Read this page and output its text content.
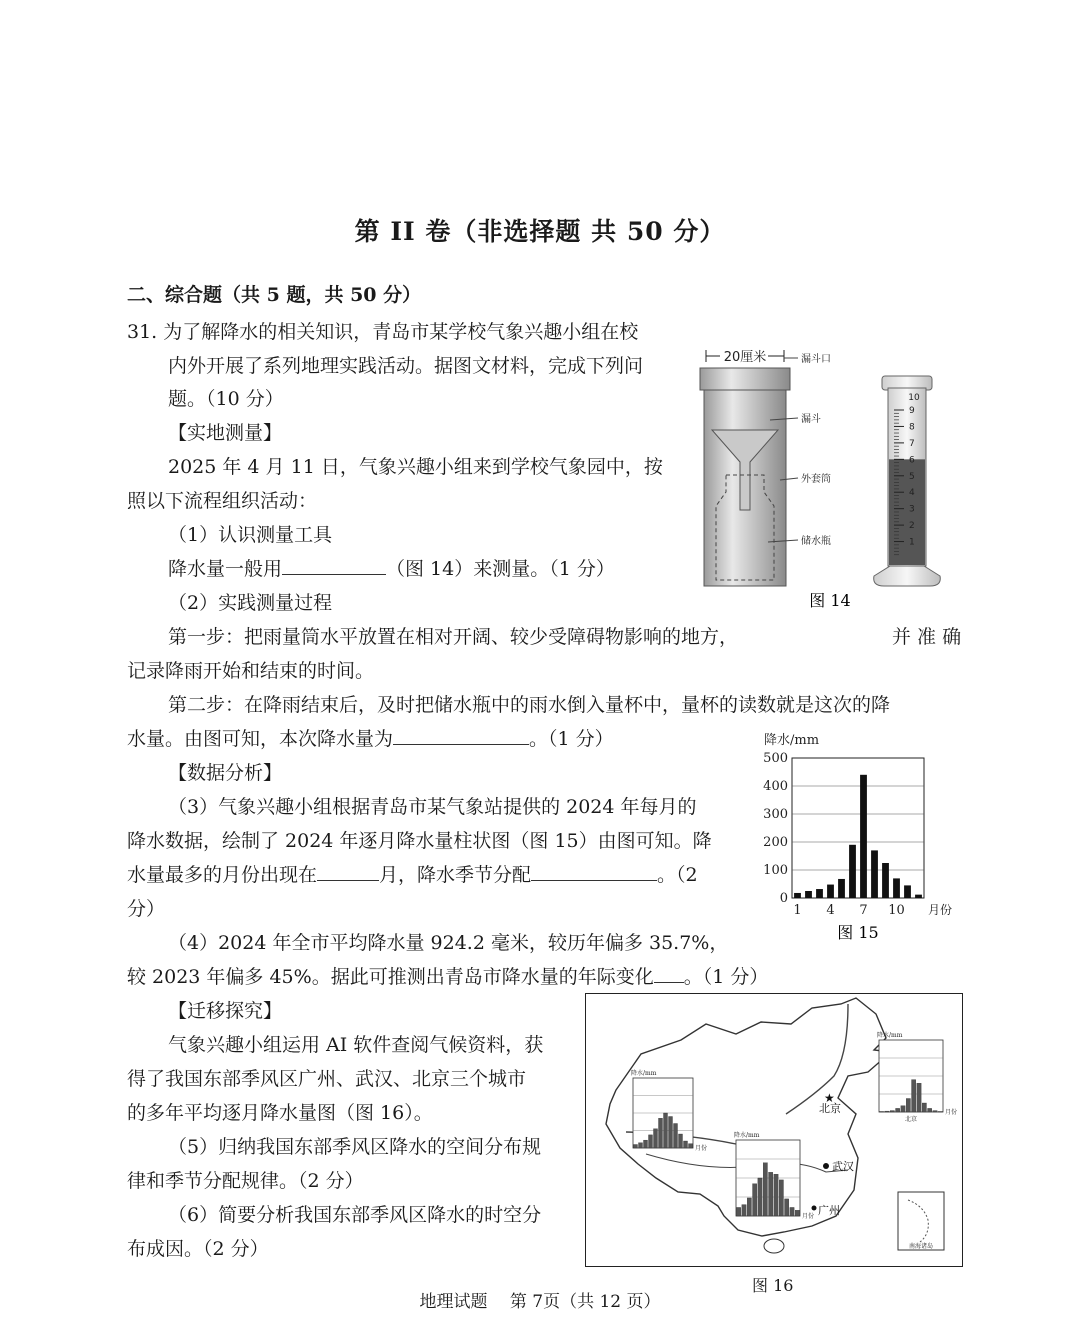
第 II 卷（非选择题 共 50 分）
二、综合题（共 5 题，共 50 分）
31. 为了解降水的相关知识，青岛市某学校气象兴趣小组在校
内外开展了系列地理实践活动。据图文材料，完成下列问
题。（10 分）
【实地测量】
2025 年 4 月 11 日，气象兴趣小组来到学校气象园中，按
照以下流程组织活动：
（1）认识测量工具
降水量一般用	（图 14）来测量。（1 分）
（2）实践测量过程
第一步：把雨量筒水平放置在相对开阔、较少受障碍物影响的地方，	并 准 确
记录降雨开始和结束的时间。
第二步：在降雨结束后，及时把储水瓶中的雨水倒入量杯中，量杯的读数就是这次的降
水量。由图可知，本次降水量为	。（1 分）
【数据分析】
（3）气象兴趣小组根据青岛市某气象站提供的 2024 年每月的
降水数据，绘制了 2024 年逐月降水量柱状图（图 15）由图可知。降
水量最多的月份出现在	月，降水季节分配	。（2
分）
（4）2024 年全市平均降水量 924.2 毫米，较历年偏多 35.7%，
较 2023 年偏多 45%。据此可推测出青岛市降水量的年际变化 。（1 分）
【迁移探究】
气象兴趣小组运用 AI 软件查阅气候资料，获
得了我国东部季风区广州、武汉、北京三个城市
的多年平均逐月降水量图（图 16）。
（5）归纳我国东部季风区降水的空间分布规
律和季节分配规律。（2 分）
（6）简要分析我国东部季风区降水的时空分
布成因。（2 分）
20厘米	漏斗口
漏斗
外套筒
储水瓶
10
9
8
7
6
5
4
3
2
1
图 14
降水/mm
500
400
300
200
100
0
1 4 7 10 月份
图 15
★
北京
武汉
广州
南海诸岛
降水/mm
月份
降水/mm
月份
降水/mm
月份
北京
图 16
地理试题　 第 7页（共 12 页）
